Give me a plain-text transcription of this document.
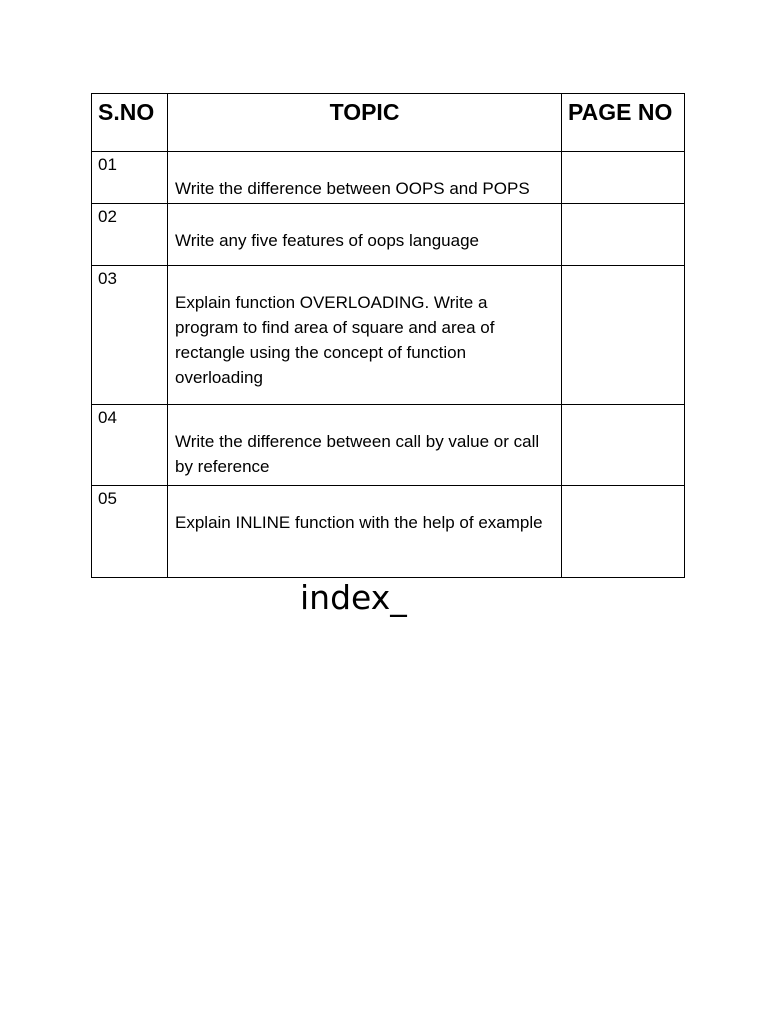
S.NO	TOPIC	PAGE NO
01	Write the difference between OOPS and POPS	
02	Write any five features of oops language	
03	Explain function OVERLOADING. Write a program to find area of square and area of rectangle using the concept of function overloading	
04	Write the difference between call by value or call by reference	
05	Explain INLINE function with the help of example	
index_
